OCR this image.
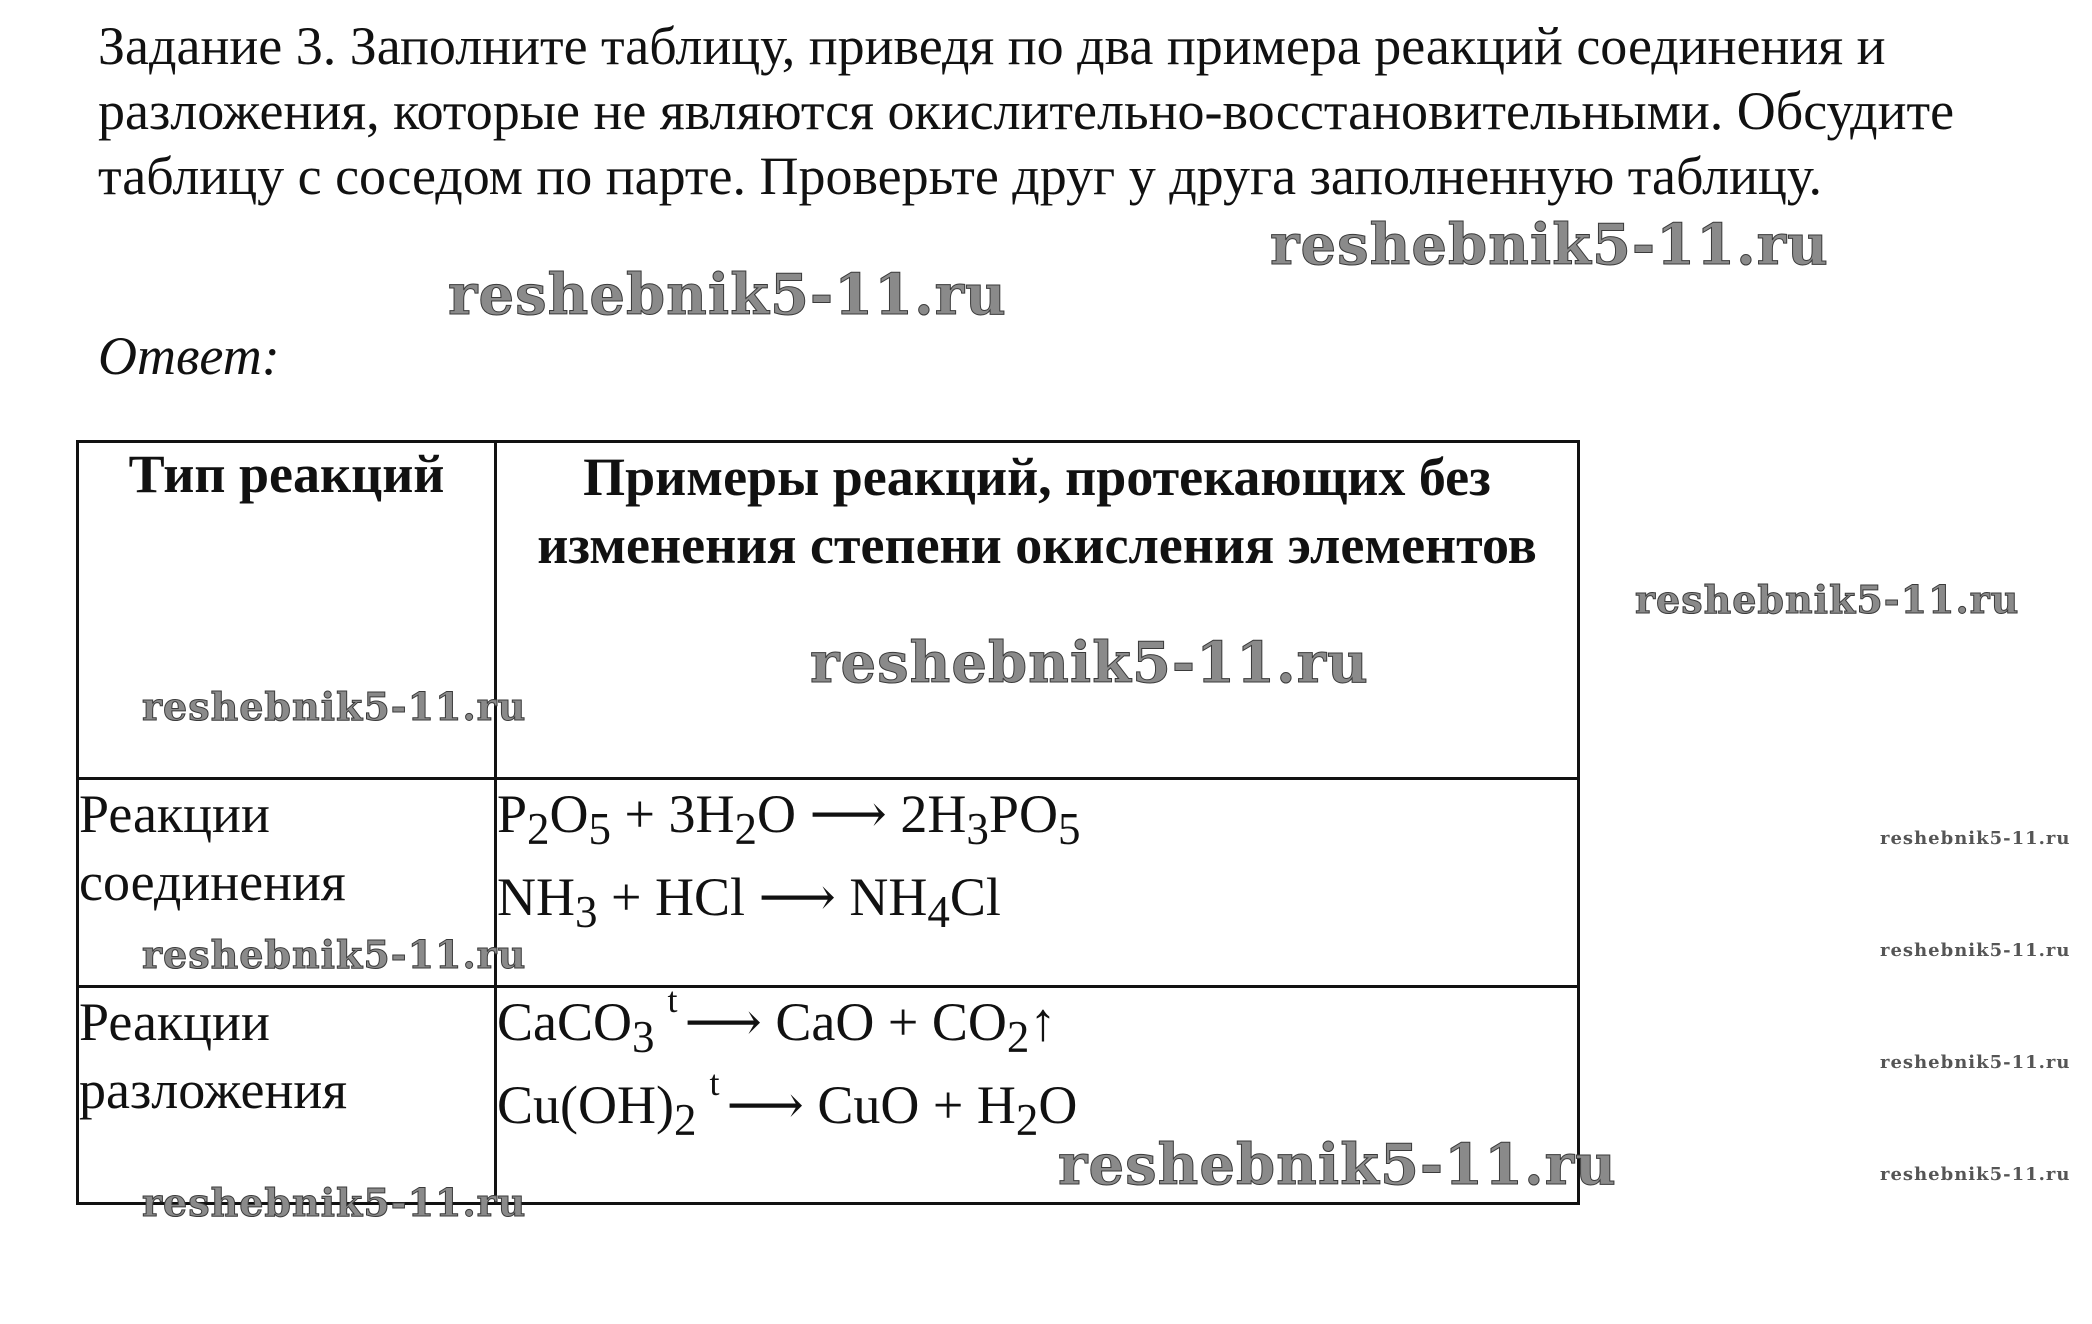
Задание 3. Заполните таблицу, приведя по два примера реакций соединения и разложения, которые не являются окислительно-восстановительными. Обсудите таблицу с соседом по парте. Проверьте друг у друга заполненную таблицу.

Ответ:

Тип реакций	Примеры реакций, протекающих без изменения степени окисления элементов
Реакции соединения	$P_2O_5 + 3H_2O$ ⟶ $2H_3PO_5$
$NH_3$ + HCl ⟶ $NH_4Cl$

Реакции разложения	CaCO$_3$t ⟶ CaO + $CO_2↑$
$Cu(OH)_2t$ ⟶ CuO + $H_2O$
reshebnik5-11.ru
reshebnik5-11.ru
reshebnik5-11.ru
reshebnik5-11.ru
reshebnik5-11.ru
reshebnik5-11.ru
reshebnik5-11.ru
reshebnik5-11.ru
reshebnik5-11.ru
reshebnik5-11.ru
reshebnik5-11.ru
reshebnik5-11.ru
